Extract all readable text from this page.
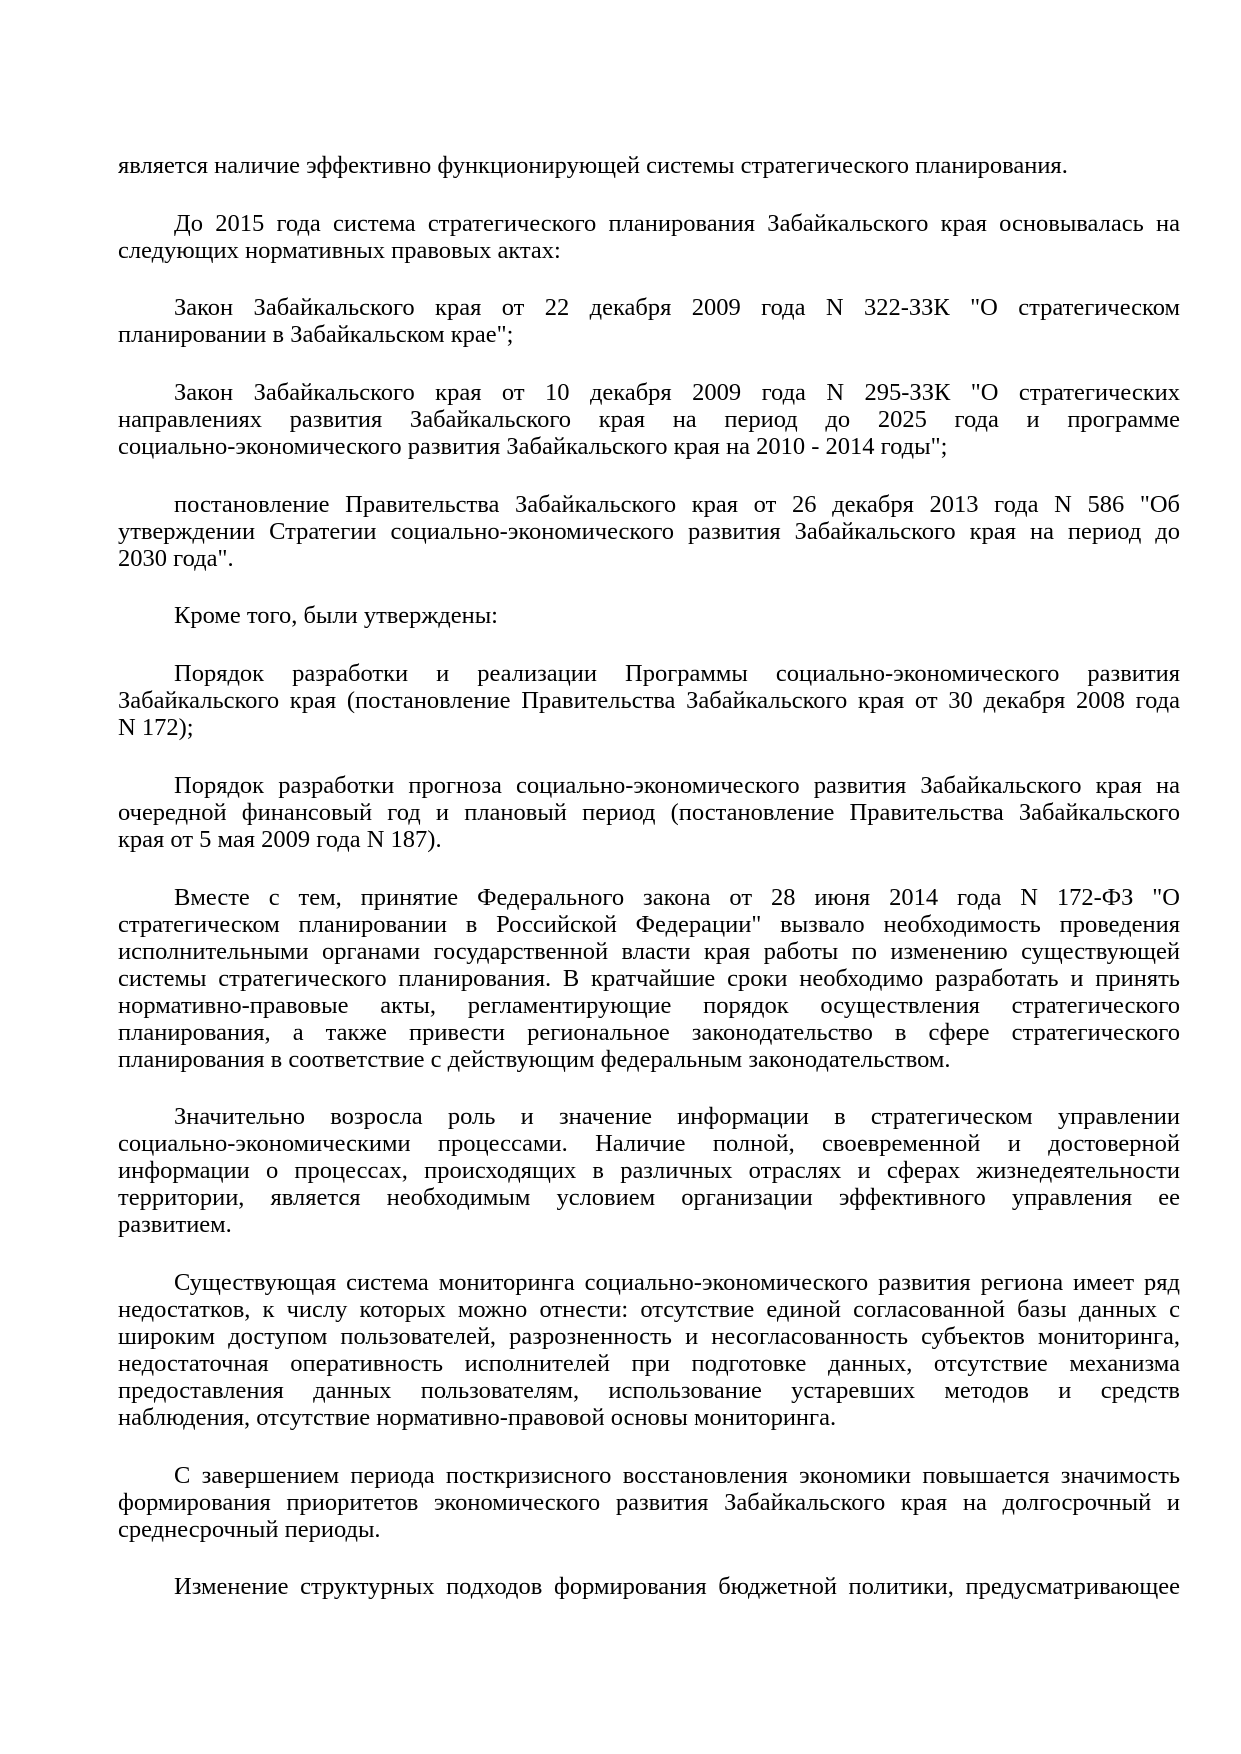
является наличие эффективно функционирующей системы стратегического планирования.
До 2015 года система стратегического планирования Забайкальского края основывалась на
следующих нормативных правовых актах:
Закон Забайкальского края от 22 декабря 2009 года N 322-ЗЗК "О стратегическом
планировании в Забайкальском крае";
Закон Забайкальского края от 10 декабря 2009 года N 295-ЗЗК "О стратегических
направлениях развития Забайкальского края на период до 2025 года и программе
социально-экономического развития Забайкальского края на 2010 - 2014 годы";
постановление Правительства Забайкальского края от 26 декабря 2013 года N 586 "Об
утверждении Стратегии социально-экономического развития Забайкальского края на период до
2030 года".
Кроме того, были утверждены:
Порядок разработки и реализации Программы социально-экономического развития
Забайкальского края (постановление Правительства Забайкальского края от 30 декабря 2008 года
N 172);
Порядок разработки прогноза социально-экономического развития Забайкальского края на
очередной финансовый год и плановый период (постановление Правительства Забайкальского
края от 5 мая 2009 года N 187).
Вместе с тем, принятие Федерального закона от 28 июня 2014 года N 172-ФЗ "О
стратегическом планировании в Российской Федерации" вызвало необходимость проведения
исполнительными органами государственной власти края работы по изменению существующей
системы стратегического планирования. В кратчайшие сроки необходимо разработать и принять
нормативно-правовые акты, регламентирующие порядок осуществления стратегического
планирования, а также привести региональное законодательство в сфере стратегического
планирования в соответствие с действующим федеральным законодательством.
Значительно возросла роль и значение информации в стратегическом управлении
социально-экономическими процессами. Наличие полной, своевременной и достоверной
информации о процессах, происходящих в различных отраслях и сферах жизнедеятельности
территории, является необходимым условием организации эффективного управления ее
развитием.
Существующая система мониторинга социально-экономического развития региона имеет ряд
недостатков, к числу которых можно отнести: отсутствие единой согласованной базы данных с
широким доступом пользователей, разрозненность и несогласованность субъектов мониторинга,
недостаточная оперативность исполнителей при подготовке данных, отсутствие механизма
предоставления данных пользователям, использование устаревших методов и средств
наблюдения, отсутствие нормативно-правовой основы мониторинга.
С завершением периода посткризисного восстановления экономики повышается значимость
формирования приоритетов экономического развития Забайкальского края на долгосрочный и
среднесрочный периоды.
Изменение структурных подходов формирования бюджетной политики, предусматривающее
